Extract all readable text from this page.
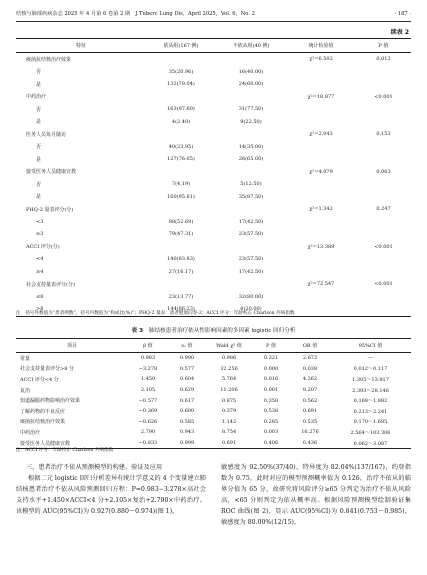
结核与肺部疾病杂志 2025 年 4 月第 6 卷第 2 期　J Tuberc Lung Dis，April 2025，Vol. 6，No. 2	· 187 ·
续表 2
特征	依从组(167 例)	不依从组(40 例)	统计检验值	P 值
痰菌抗结核治疗效果			χ²=6.502	0.012
否	35(20.96)	16(40.00)		
是	132(79.04)	24(60.00)		
中药治疗			χ²=18.877	<0.001
否	163(97.60)	31(77.50)		
是	4(2.40)	9(22.50)		
医务人员每月随访			χ²=2.043	0.153
否	40(23.95)	14(35.00)		
是	127(76.05)	26(65.00)		
接受医务人员健康宣教			χ²=4.079	0.063
否	7(4.19)	5(12.50)		
是	160(95.81)	35(87.50)		
PHQ-2 量表评分(分)			χ²=1.342	0.247
<3	88(52.69)	17(42.50)		
≥3	79(47.31)	23(57.50)		
ACCI 评分(分)			χ²=13.389	<0.001
<4	140(83.83)	23(57.50)		
≥4	27(16.17)	17(42.50)		
社会支持量表评分(分)			χ²=72.547	<0.001
≤8	23(13.77)	32(80.00)		
>8	144(86.23)	8(20.00)		
注　括号外数值为“患者例数”，括号内数值为“构成比(%)”；PHQ-2 量表：患者健康问卷-2；ACCI 评分：年龄校正 Charlson 共病指数
表 3 肺结核患者治疗依从性影响因素的多因素 logistic 回归分析
项目	β 值	sₓ 值	Wald χ² 值	P 值	OR 值	95%CI 值
常量	0.983	0.990	0.986	0.321	2.672	—
社会支持量表评分>8 分	−3.278	0.577	32.256	0.000	0.038	0.012～0.117
ACCI 评分<4 分	1.450	0.604	5.764	0.016	4.262	1.305～13.917
复治	2.105	0.629	11.206	0.001	8.207	2.393～28.146
知道漏服药物影响治疗效果	−0.577	0.617	0.875	0.350	0.562	0.168～1.882
了解药物的不良反应	−0.369	0.600	0.379	0.538	0.691	0.213～2.241
痰菌抗结核治疗效果	−0.626	0.585	1.142	0.285	0.535	0.170～1.685
中药治疗	2.790	0.943	8.754	0.003	16.276	2.564～103.306
接受医务人员健康宣教	−0.833	0.999	0.691	0.406	0.436	0.062～3.087
注　ACCI 评分：年龄校正 Charlson 共病指数

三、患者治疗不依从预测模型的构建、验证及应用

根据二元 logistic 回归分析差异有统计学意义的 4 个变量建立肺结核患者治疗不依从风险预测回归方程：P=0.983−3.278×高社会支持水平+1.450×ACCI<4 分+2.105×复治+2.790×中药治疗。该模型的 AUC(95%CI)为 0.927(0.880～0.974)(图 1)，

敏感度为 92.50%(37/40)，特异度为 82.04%(137/167)，约登指数为 0.75，此时对应的模型预测概率值为 0.126，治疗不依从的临界分值为 65 分，故研究将风险评分≥65 分判定为治疗不依从风险高，<65 分则判定为依从概率高。根据风险预测模型绘制验证集 ROC 曲线(图 2)，显示 AUC(95%CI)为 0.841(0.753～0.985)，敏感度为 80.00%(12/15)，
